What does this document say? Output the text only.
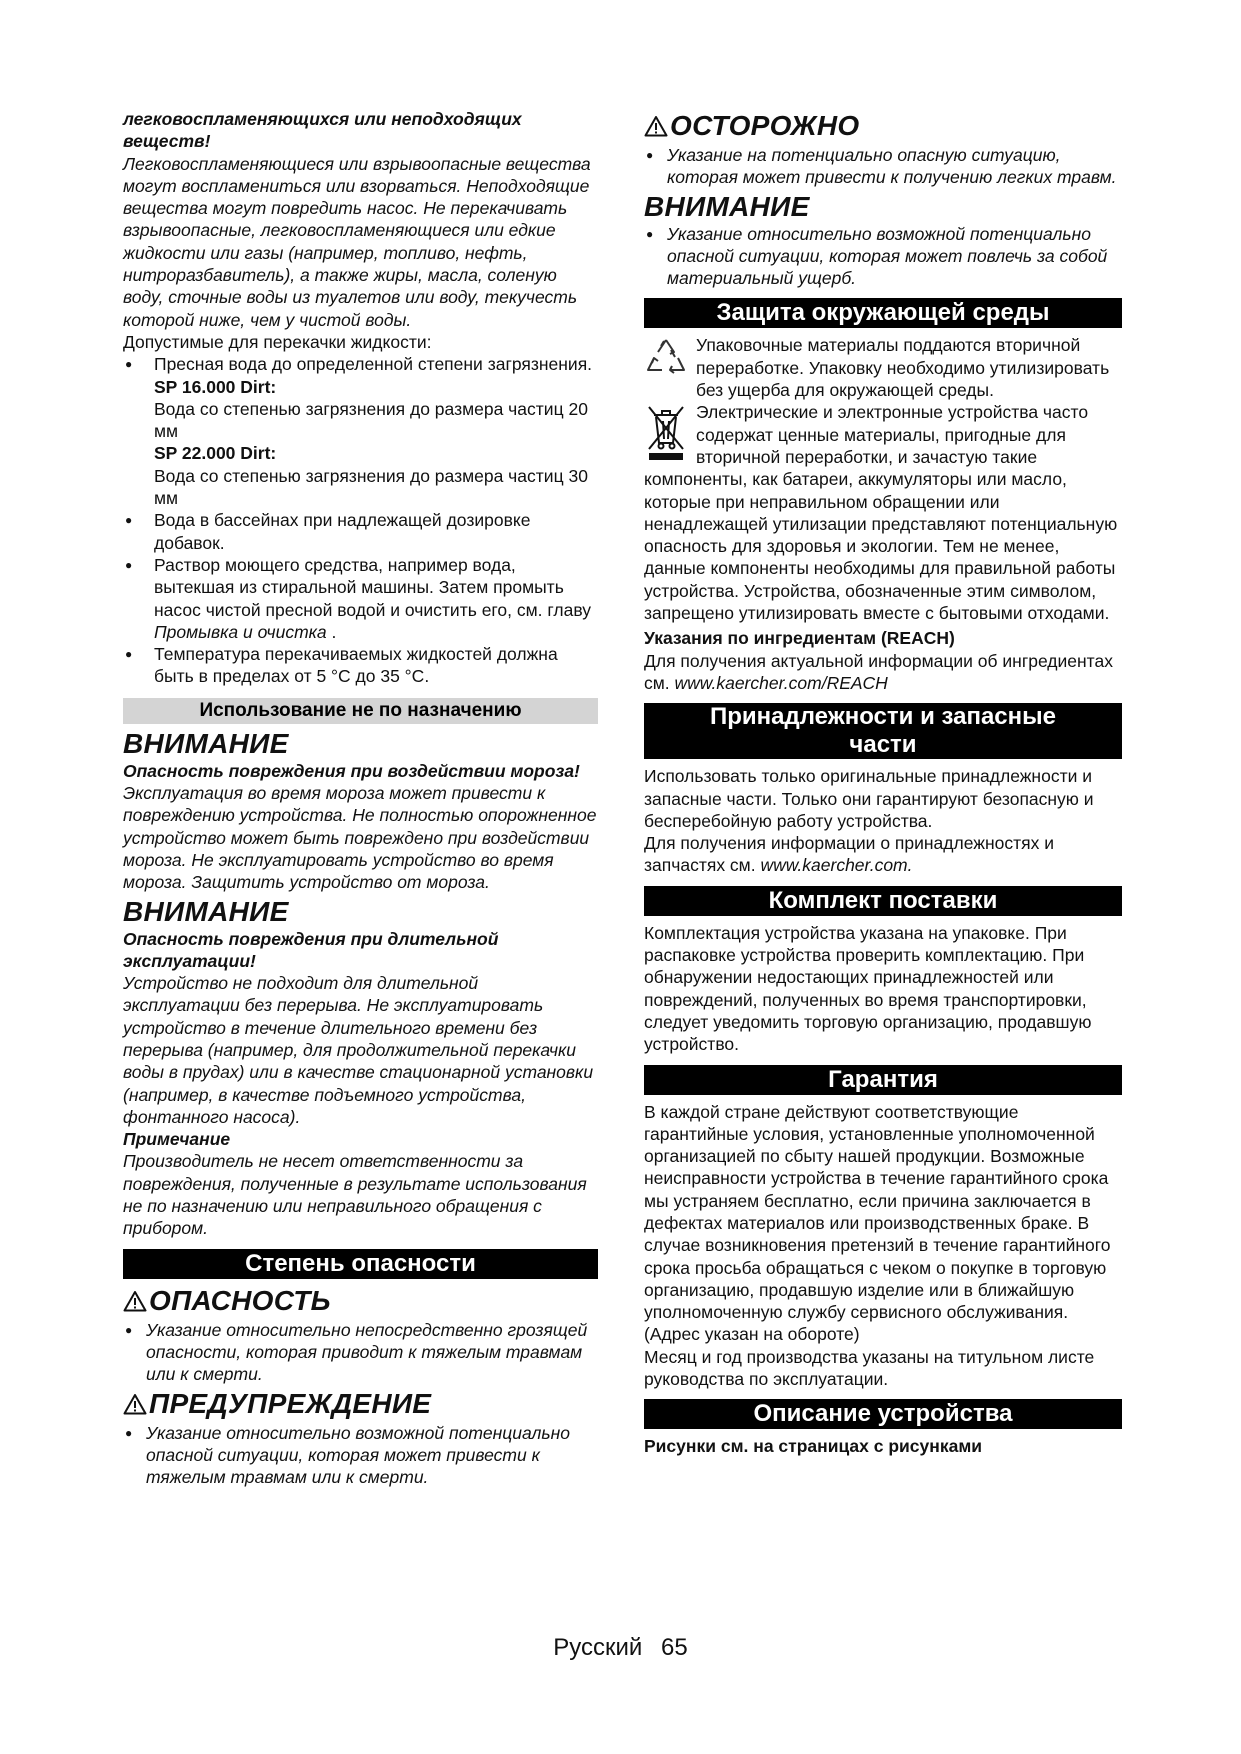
легковоспламеняющихся или неподходящих веществ!

Легковоспламеняющиеся или взрывоопасные вещества могут воспламениться или взорваться. Неподходящие вещества могут повредить насос. Не перекачивать взрывоопасные, легковоспламеняющиеся или едкие жидкости или газы (например, топливо, нефть, нитроразбавитель), а также жиры, масла, соленую воду, сточные воды из туалетов или воду, текучесть которой ниже, чем у чистой воды.

Допустимые для перекачки жидкости:

● Пресная вода до определенной степени загрязнения.
SP 16.000 Dirt:
Вода со степенью загрязнения до размера частиц 20 мм
SP 22.000 Dirt:
Вода со степенью загрязнения до размера частиц 30 мм
● Вода в бассейнах при надлежащей дозировке добавок.
● Раствор моющего средства, например вода, вытекшая из стиральной машины. Затем промыть насос чистой пресной водой и очистить его, см. главу Промывка и очистка .
● Температура перекачиваемых жидкостей должна быть в пределах от 5 °C до 35 °C.
Использование не по назначению
ВНИМАНИЕ

Опасность повреждения при воздействии мороза!

Эксплуатация во время мороза может привести к повреждению устройства. Не полностью опорожненное устройство может быть повреждено при воздействии мороза. Не эксплуатировать устройство во время мороза. Защитить устройство от мороза.

ВНИМАНИЕ

Опасность повреждения при длительной эксплуатации!

Устройство не подходит для длительной эксплуатации без перерыва. Не эксплуатировать устройство в течение длительного времени без перерыва (например, для продолжительной перекачки воды в прудах) или в качестве стационарной установки (например, в качестве подъемного устройства, фонтанного насоса).

Примечание

Производитель не несет ответственности за повреждения, полученные в результате использования не по назначению или неправильного обращения с прибором.

Степень опасности
ОПАСНОСТЬ
● Указание относительно непосредственно грозящей опасности, которая приводит к тяжелым травмам или к смерти.
ПРЕДУПРЕЖДЕНИЕ
● Указание относительно возможной потенциально опасной ситуации, которая может привести к тяжелым травмам или к смерти.
ОСТОРОЖНО
● Указание на потенциально опасную ситуацию, которая может привести к получению легких травм.
ВНИМАНИЕ
● Указание относительно возможной потенциально опасной ситуации, которая может повлечь за собой материальный ущерб.
Защита окружающей среды
Упаковочные материалы поддаются вторичной переработке. Упаковку необходимо утилизировать без ущерба для окружающей среды.
Электрические и электронные устройства часто содержат ценные материалы, пригодные для вторичной переработки, и зачастую такие компоненты, как батареи, аккумуляторы или масло, которые при неправильном обращении или ненадлежащей утилизации представляют потенциальную опасность для здоровья и экологии. Тем не менее, данные компоненты необходимы для правильной работы устройства. Устройства, обозначенные этим символом, запрещено утилизировать вместе с бытовыми отходами.

Указания по ингредиентам (REACH)

Для получения актуальной информации об ингредиентах см. www.kaercher.com/REACH

Принадлежности и запасные части

Использовать только оригинальные принадлежности и запасные части. Только они гарантируют безопасную и бесперебойную работу устройства.

Для получения информации о принадлежностях и запчастях см. www.kaercher.com.

Комплект поставки

Комплектация устройства указана на упаковке. При распаковке устройства проверить комплектацию. При обнаружении недостающих принадлежностей или повреждений, полученных во время транспортировки, следует уведомить торговую организацию, продавшую устройство.

Гарантия

В каждой стране действуют соответствующие гарантийные условия, установленные уполномоченной организацией по сбыту нашей продукции. Возможные неисправности устройства в течение гарантийного срока мы устраняем бесплатно, если причина заключается в дефектах материалов или производственных браке. В случае возникновения претензий в течение гарантийного срока просьба обращаться с чеком о покупке в торговую организацию, продавшую изделие или в ближайшую уполномоченную службу сервисного обслуживания.

(Адрес указан на обороте)

Месяц и год производства указаны на титульном листе руководства по эксплуатации.

Описание устройства

Рисунки см. на страницах с рисунками

Русский 65
